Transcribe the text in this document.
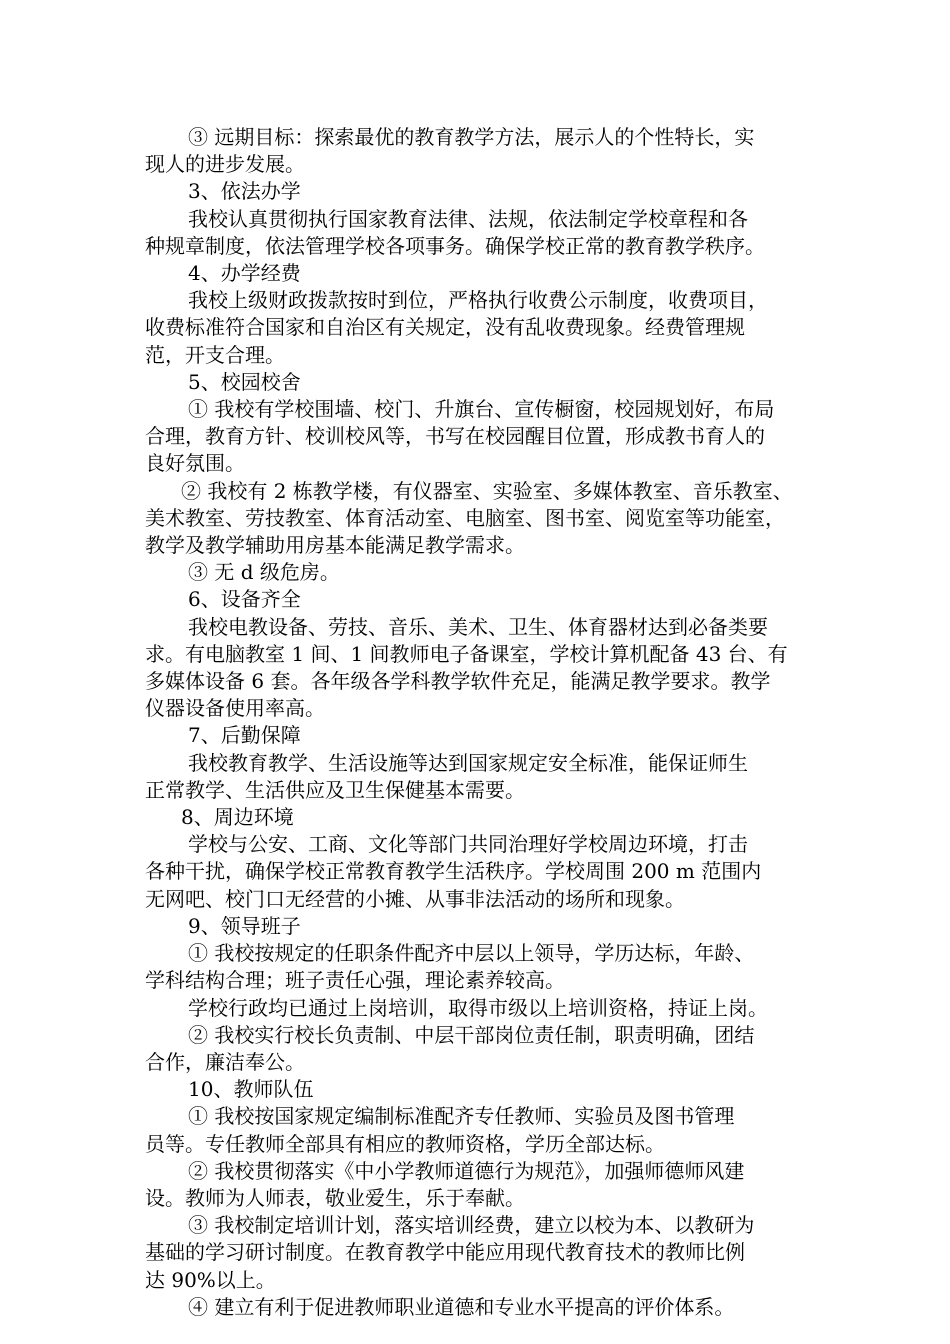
③ 远期目标：探索最优的教育教学方法，展示人的个性特长，实
现人的进步发展。
3、依法办学
我校认真贯彻执行国家教育法律、法规，依法制定学校章程和各
种规章制度，依法管理学校各项事务。确保学校正常的教育教学秩序。
4、办学经费
我校上级财政拨款按时到位，严格执行收费公示制度，收费项目，
收费标准符合国家和自治区有关规定，没有乱收费现象。经费管理规
范，开支合理。
5、校园校舍
① 我校有学校围墙、校门、升旗台、宣传橱窗，校园规划好，布局
合理，教育方针、校训校风等，书写在校园醒目位置，形成教书育人的
良好氛围。
② 我校有 2 栋教学楼，有仪器室、实验室、多媒体教室、音乐教室、
美术教室、劳技教室、体育活动室、电脑室、图书室、阅览室等功能室，
教学及教学辅助用房基本能满足教学需求。
③ 无 d 级危房。
6、设备齐全
我校电教设备、劳技、音乐、美术、卫生、体育器材达到必备类要
求。有电脑教室 1 间、1 间教师电子备课室，学校计算机配备 43 台、有
多媒体设备 6 套。各年级各学科教学软件充足，能满足教学要求。教学
仪器设备使用率高。
7、后勤保障
我校教育教学、生活设施等达到国家规定安全标准，能保证师生
正常教学、生活供应及卫生保健基本需要。
8、周边环境
学校与公安、工商、文化等部门共同治理好学校周边环境，打击
各种干扰，确保学校正常教育教学生活秩序。学校周围 200 m 范围内
无网吧、校门口无经营的小摊、从事非法活动的场所和现象。
9、领导班子
① 我校按规定的任职条件配齐中层以上领导，学历达标，年龄、
学科结构合理；班子责任心强，理论素养较高。
学校行政均已通过上岗培训，取得市级以上培训资格，持证上岗。
② 我校实行校长负责制、中层干部岗位责任制，职责明确，团结
合作，廉洁奉公。
10、教师队伍
① 我校按国家规定编制标准配齐专任教师、实验员及图书管理
员等。专任教师全部具有相应的教师资格，学历全部达标。
② 我校贯彻落实《中小学教师道德行为规范》，加强师德师风建
设。教师为人师表，敬业爱生，乐于奉献。
③ 我校制定培训计划，落实培训经费，建立以校为本、以教研为
基础的学习研讨制度。在教育教学中能应用现代教育技术的教师比例
达 90%以上。
④ 建立有利于促进教师职业道德和专业水平提高的评价体系。
